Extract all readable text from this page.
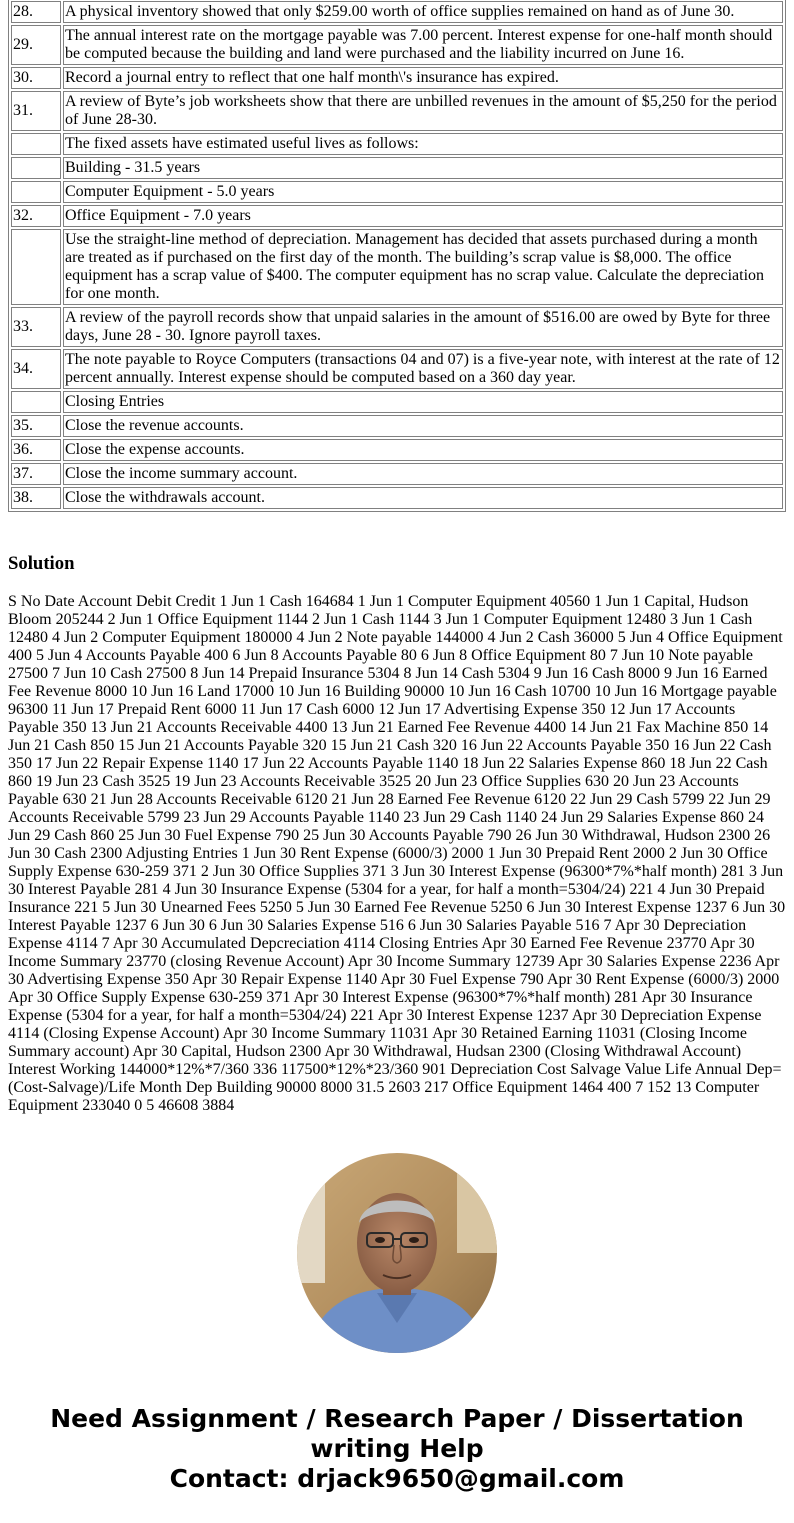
28.	A physical inventory showed that only $259.00 worth of office supplies remained on hand as of June 30.
29.	The annual interest rate on the mortgage payable was 7.00 percent. Interest expense for one-half month should be computed because the building and land were purchased and the liability incurred on June 16.
30.	Record a journal entry to reflect that one half month\'s insurance has expired.
31.	A review of Byte’s job worksheets show that there are unbilled revenues in the amount of $5,250 for the period of June 28-30.
	The fixed assets have estimated useful lives as follows:
	Building - 31.5 years
	Computer Equipment - 5.0 years
32.	Office Equipment - 7.0 years
	Use the straight-line method of depreciation. Management has decided that assets purchased during a month are treated as if purchased on the first day of the month. The building’s scrap value is $8,000. The office equipment has a scrap value of $400. The computer equipment has no scrap value. Calculate the depreciation for one month.
33.	A review of the payroll records show that unpaid salaries in the amount of $516.00 are owed by Byte for three days, June 28 - 30. Ignore payroll taxes.
34.	The note payable to Royce Computers (transactions 04 and 07) is a five-year note, with interest at the rate of 12 percent annually. Interest expense should be computed based on a 360 day year.
	Closing Entries
35.	Close the revenue accounts.
36.	Close the expense accounts.
37.	Close the income summary account.
38.	Close the withdrawals account.
Solution

S No Date Account Debit Credit 1 Jun 1 Cash 164684 1 Jun 1 Computer Equipment 40560 1 Jun 1 Capital, Hudson Bloom 205244 2 Jun 1 Office Equipment 1144 2 Jun 1 Cash 1144 3 Jun 1 Computer Equipment 12480 3 Jun 1 Cash 12480 4 Jun 2 Computer Equipment 180000 4 Jun 2 Note payable 144000 4 Jun 2 Cash 36000 5 Jun 4 Office Equipment 400 5 Jun 4 Accounts Payable 400 6 Jun 8 Accounts Payable 80 6 Jun 8 Office Equipment 80 7 Jun 10 Note payable 27500 7 Jun 10 Cash 27500 8 Jun 14 Prepaid Insurance 5304 8 Jun 14 Cash 5304 9 Jun 16 Cash 8000 9 Jun 16 Earned Fee Revenue 8000 10 Jun 16 Land 17000 10 Jun 16 Building 90000 10 Jun 16 Cash 10700 10 Jun 16 Mortgage payable 96300 11 Jun 17 Prepaid Rent 6000 11 Jun 17 Cash 6000 12 Jun 17 Advertising Expense 350 12 Jun 17 Accounts Payable 350 13 Jun 21 Accounts Receivable 4400 13 Jun 21 Earned Fee Revenue 4400 14 Jun 21 Fax Machine 850 14 Jun 21 Cash 850 15 Jun 21 Accounts Payable 320 15 Jun 21 Cash 320 16 Jun 22 Accounts Payable 350 16 Jun 22 Cash 350 17 Jun 22 Repair Expense 1140 17 Jun 22 Accounts Payable 1140 18 Jun 22 Salaries Expense 860 18 Jun 22 Cash 860 19 Jun 23 Cash 3525 19 Jun 23 Accounts Receivable 3525 20 Jun 23 Office Supplies 630 20 Jun 23 Accounts Payable 630 21 Jun 28 Accounts Receivable 6120 21 Jun 28 Earned Fee Revenue 6120 22 Jun 29 Cash 5799 22 Jun 29 Accounts Receivable 5799 23 Jun 29 Accounts Payable 1140 23 Jun 29 Cash 1140 24 Jun 29 Salaries Expense 860 24 Jun 29 Cash 860 25 Jun 30 Fuel Expense 790 25 Jun 30 Accounts Payable 790 26 Jun 30 Withdrawal, Hudson 2300 26 Jun 30 Cash 2300 Adjusting Entries 1 Jun 30 Rent Expense (6000/3) 2000 1 Jun 30 Prepaid Rent 2000 2 Jun 30 Office Supply Expense 630-259 371 2 Jun 30 Office Supplies 371 3 Jun 30 Interest Expense (96300*7%*half month) 281 3 Jun 30 Interest Payable 281 4 Jun 30 Insurance Expense (5304 for a year, for half a month=5304/24) 221 4 Jun 30 Prepaid Insurance 221 5 Jun 30 Unearned Fees 5250 5 Jun 30 Earned Fee Revenue 5250 6 Jun 30 Interest Expense 1237 6 Jun 30 Interest Payable 1237 6 Jun 30 6 Jun 30 Salaries Expense 516 6 Jun 30 Salaries Payable 516 7 Apr 30 Depreciation Expense 4114 7 Apr 30 Accumulated Depcreciation 4114 Closing Entries Apr 30 Earned Fee Revenue 23770 Apr 30 Income Summary 23770 (closing Revenue Account) Apr 30 Income Summary 12739 Apr 30 Salaries Expense 2236 Apr 30 Advertising Expense 350 Apr 30 Repair Expense 1140 Apr 30 Fuel Expense 790 Apr 30 Rent Expense (6000/3) 2000 Apr 30 Office Supply Expense 630-259 371 Apr 30 Interest Expense (96300*7%*half month) 281 Apr 30 Insurance Expense (5304 for a year, for half a month=5304/24) 221 Apr 30 Interest Expense 1237 Apr 30 Depreciation Expense 4114 (Closing Expense Account) Apr 30 Income Summary 11031 Apr 30 Retained Earning 11031 (Closing Income Summary account) Apr 30 Capital, Hudson 2300 Apr 30 Withdrawal, Hudsan 2300 (Closing Withdrawal Account) Interest Working 144000*12%*7/360 336 117500*12%*23/360 901 Depreciation Cost Salvage Value Life Annual Dep= (Cost-Salvage)/Life Month Dep Building 90000 8000 31.5 2603 217 Office Equipment 1464 400 7 152 13 Computer Equipment 233040 0 5 46608 3884

Need Assignment / Research Paper / Dissertation
writing Help
Contact: drjack9650@gmail.com
